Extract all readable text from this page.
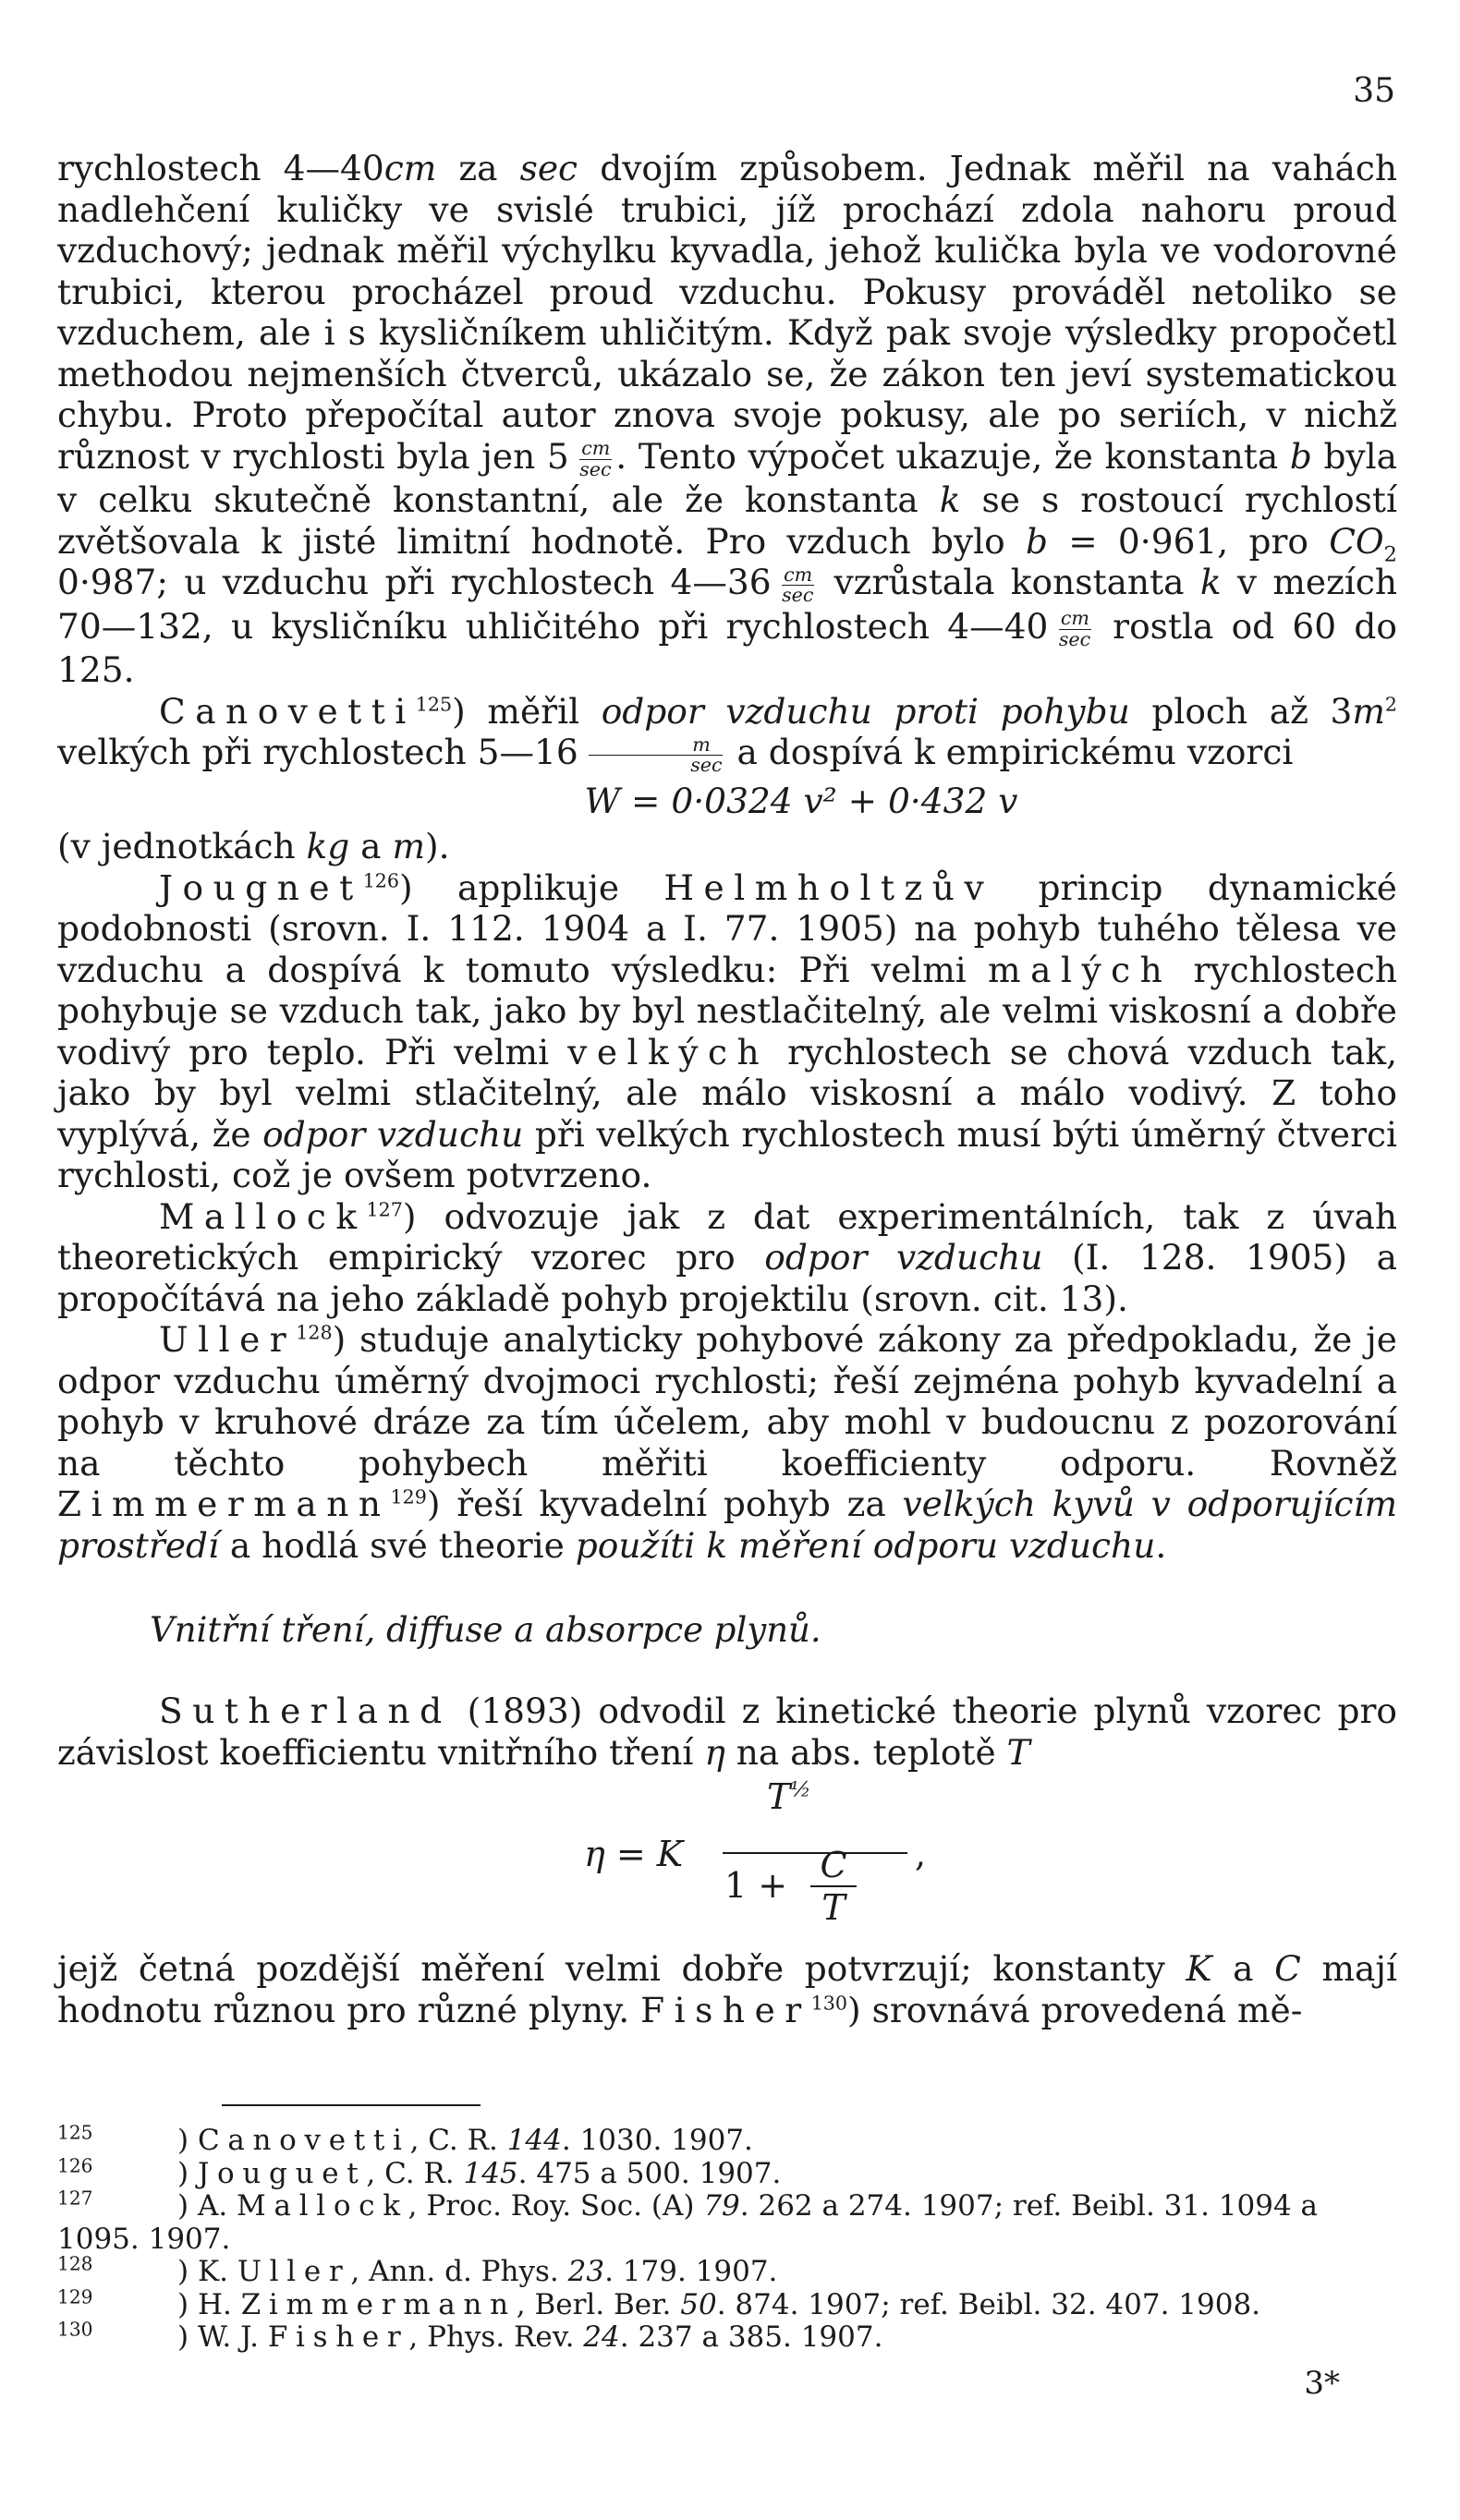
35

rychlostech 4—40cm za sec dvojím způsobem. Jednak měřil na vahách nadlehčení kuličky ve svislé trubici, jíž prochází zdola nahoru proud vzduchový; jednak měřil výchylku kyvadla, jehož kulička byla ve vodorovné trubici, kterou procházel proud vzduchu. Pokusy prováděl netoliko se vzduchem, ale i s kysličníkem uhličitým. Když pak svoje výsledky propočetl methodou nejmenších čtverců, ukázalo se, že zákon ten jeví systematickou chybu. Proto přepočítal autor znova svoje pokusy, ale po seriích, v nichž různost v rychlosti byla jen $5 \frac{cm}{\sec}$ . Tento výpočet ukazuje, že konstanta b byla v celku skutečně konstantní, ale že konstanta k se s rostoucí rychlostí zvětšovala k jisté limitní hodnotě. Pro vzduch bylo b = 0·961, pro $CO_2$ 0·987; u vzduchu při rychlostech 4—36  $\frac{cm}{\sec}$ vzrůstala konstanta k v mezích 70—132, u kysličníku uhličitého při rychlostech 4—40  $\frac{cm}{\sec}$ rostla od 60 do 125.

Canovetti$^{125}$) měřil odpor vzduchu proti pohybu ploch až $3m^2$ velkých při rychlostech 5—16  $\frac{m}{\sec}$ a dospívá k empirickému vzorci

W = 0·0324 v² + 0·432 v

(v jednotkách kg a m).

Jougnet$^{126}$) applikuje Helmholtzův princip dynamické podobnosti (srovn. I. 112. 1904 a I. 77. 1905) na pohyb tuhého tělesa ve vzduchu a dospívá k tomuto výsledku: Při velmi malých rychlostech pohybuje se vzduch tak, jako by byl nestlačitelný, ale velmi viskosní a dobře vodivý pro teplo. Při velmi velkých rychlostech se chová vzduch tak, jako by byl velmi stlačitelný, ale málo viskosní a málo vodivý. Z toho vyplývá, že odpor vzduchu při velkých rychlostech musí býti úměrný čtverci rychlosti, což je ovšem potvrzeno.

Mallock$^{127}$) odvozuje jak z dat experimentálních, tak z úvah theoretických empirický vzorec pro odpor vzduchu (I. 128. 1905) a propočítává na jeho základě pohyb projektilu (srovn. cit. 13).

Uller$^{128}$) studuje analyticky pohybové zákony za předpokladu, že je odpor vzduchu úměrný dvojmoci rychlosti; řeší zejména pohyb kyvadelní a pohyb v kruhové dráze za tím účelem, aby mohl v budoucnu z pozorování na těchto pohybech měřiti koefficienty odporu. Rovněž Zimmermann$^{129}$) řeší kyvadelní pohyb za velkých kyvů v odporujícím prostředí a hodlá své theorie použíti k měření odporu vzduchu.

Vnitřní tření, diffuse a absorpce plynů.

Sutherland (1893) odvodil z kinetické theorie plynů vzorec pro závislost koefficientu vnitřního tření η na abs. teplotě T

η = K
$T^{\frac{1}{2}}$
1 + C
T
,

jejž četná pozdější měření velmi dobře potvrzují; konstanty K a C mají hodnotu různou pro různé plyny. Fisher$^{130}$) srovnává provedená mě-

$^{125}$	) Canovetti, C. R. 144. 1030. 1907.

$^{126}$	) Jouguet, C. R. 145. 475 a 500. 1907.

$^{127}$	) A. Mallock, Proc. Roy. Soc. (A) 79. 262 a 274. 1907; ref. Beibl. 31. 1094 a 1095. 1907.

$^{128}$	) K. Uller, Ann. d. Phys. 23. 179. 1907.

$^{129}$	) H. Zimmermann, Berl. Ber. 50. 874. 1907; ref. Beibl. 32. 407. 1908.

$^{130}$	) W. J. Fisher, Phys. Rev. 24. 237 a 385. 1907.

3*
